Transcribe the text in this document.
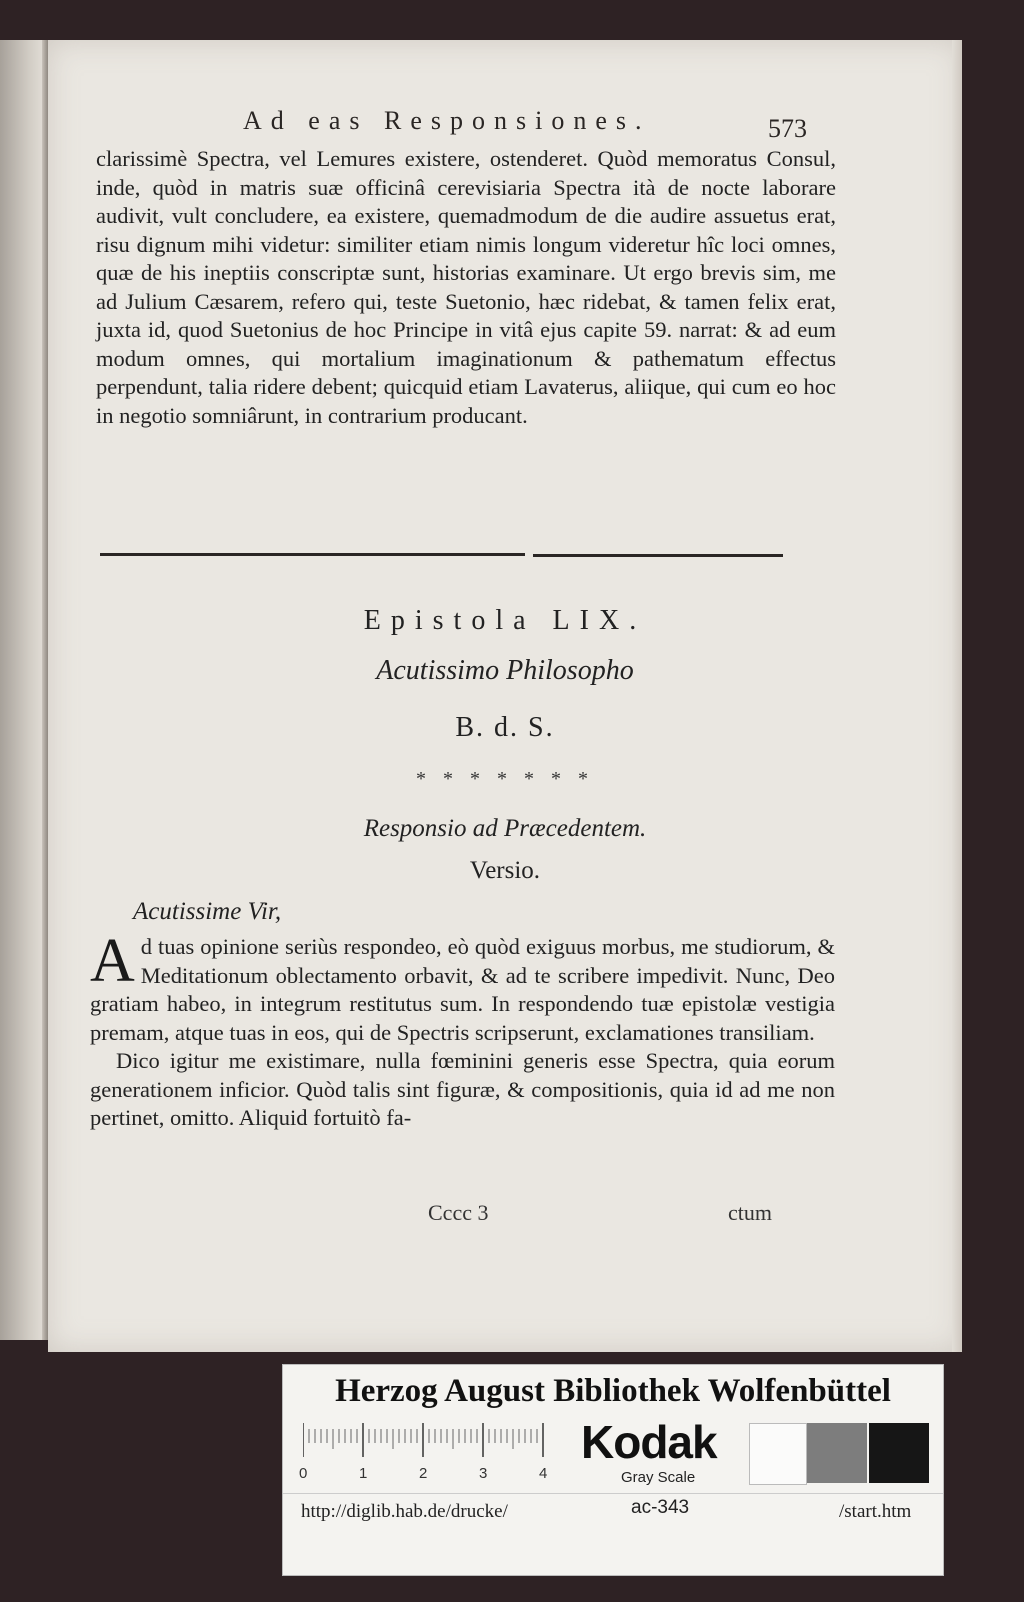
Ad eas Responsiones.	573
clarissimè Spectra, vel Lemures existere, ostenderet. Quòd memoratus Consul, inde, quòd in matris suæ officinâ cerevisiaria Spectra ità de nocte laborare audivit, vult concludere, ea existere, quemadmodum de die audire assuetus erat, risu dignum mihi videtur: similiter etiam nimis longum videretur hîc loci omnes, quæ de his ineptiis conscriptæ sunt, historias examinare. Ut ergo brevis sim, me ad Julium Cæsarem, refero qui, teste Suetonio, hæc ridebat, & tamen felix erat, juxta id, quod Suetonius de hoc Principe in vitâ ejus capite 59. narrat: & ad eum modum omnes, qui mortalium imaginationum & pathematum effectus perpendunt, talia ridere debent; quicquid etiam Lavaterus, aliique, qui cum eo hoc in negotio somniârunt, in contrarium producant.
Epistola LIX.
Acutissimo Philosopho
B. d. S.
* * * * * * *
Responsio ad Præcedentem.
Versio.
Acutissime Vir,

Ad tuas opinione seriùs respondeo, eò quòd exiguus morbus, me studiorum, & Meditationum oblectamento orbavit, & ad te scribere impedivit. Nunc, Deo gratiam habeo, in integrum restitutus sum. In respondendo tuæ epistolæ vestigia premam, atque tuas in eos, qui de Spectris scripserunt, exclamationes transiliam.

Dico igitur me existimare, nulla fœminini generis esse Spectra, quia eorum generationem inficior. Quòd talis sint figuræ, & compositionis, quia id ad me non pertinet, omitto. Aliquid fortuitò fa-

Cccc 3	ctum
Herzog August Bibliothek Wolfenbüttel
0	1	2	3	4
Kodak
Gray Scale
http://diglib.hab.de/drucke/	ac-343	/start.htm
